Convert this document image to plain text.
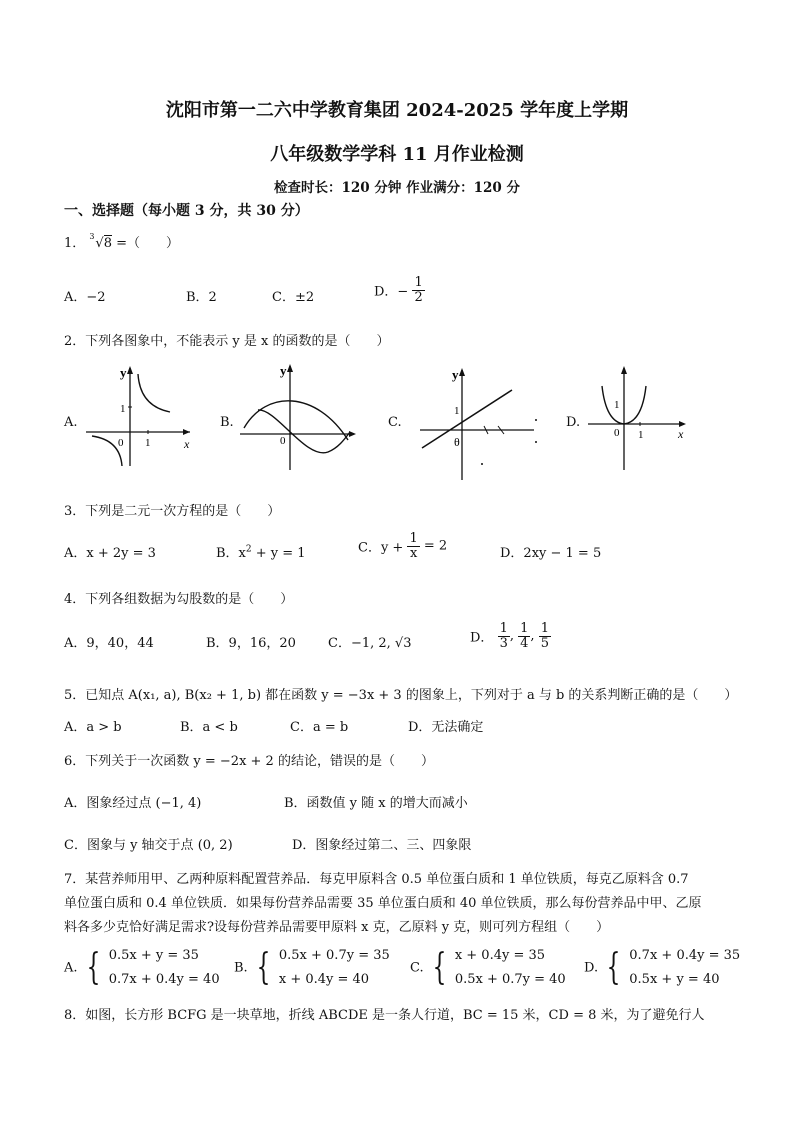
沈阳市第一二六中学教育集团 2024-2025 学年度上学期
八年级数学学科 11 月作业检测
检查时长：120 分钟 作业满分：120 分
一、选择题（每小题 3 分，共 30 分）
1． 3 √8 =（　　）
A．−2	B．2	C．±2	D．− $\frac{1}{2}$
2．下列各图象中，不能表示 y 是 x 的函数的是（　　）
A.
y
x
0 1
1
B.
y
0
C.
y
1
θ
D.
1
0 1	x
3．下列是二元一次方程的是（　　）
A．x + 2y = 3	B．$x^2 + y = 1$	C．$y + \frac{1}{x} = 2$	D．2xy − 1 = 5
4．下列各组数据为勾股数的是（　　）
A．9，40，44	B．9，16，20 C．−1, 2, √3	D． $\frac{1}{3}$ , $\frac{1}{4}$ , $\frac{1}{5}$
5．已知点 A(x₁, a), B(x₂ + 1, b) 都在函数 y = −3x + 3 的图象上，下列对于 a 与 b 的关系判断正确的是（　　）
A．a > b	B．a < b	C．a = b	D．无法确定
6．下列关于一次函数 y = −2x + 2 的结论，错误的是（　　）
A．图象经过点 (−1, 4)	B．函数值 y 随 x 的增大而减小
C．图象与 y 轴交于点 (0, 2)	D．图象经过第二、三、四象限
7．某营养师用甲、乙两种原料配置营养品．每克甲原料含 0.5 单位蛋白质和 1 单位铁质，每克乙原料含 0.7
单位蛋白质和 0.4 单位铁质．如果每份营养品需要 35 单位蛋白质和 40 单位铁质，那么每份营养品中甲、乙原
料各多少克恰好满足需求?设每份营养品需要甲原料 x 克，乙原料 y 克，则可列方程组（　　）
A. { 0.5x + y = 35
0.7x + 0.4y = 40
B. { 0.5x + 0.7y = 35
x + 0.4y = 40
C. { x + 0.4y = 35
0.5x + 0.7y = 40
D. { 0.7x + 0.4y = 35
0.5x + y = 40
8．如图，长方形 BCFG 是一块草地，折线 ABCDE 是一条人行道，BC = 15 米，CD = 8 米，为了避免行人
